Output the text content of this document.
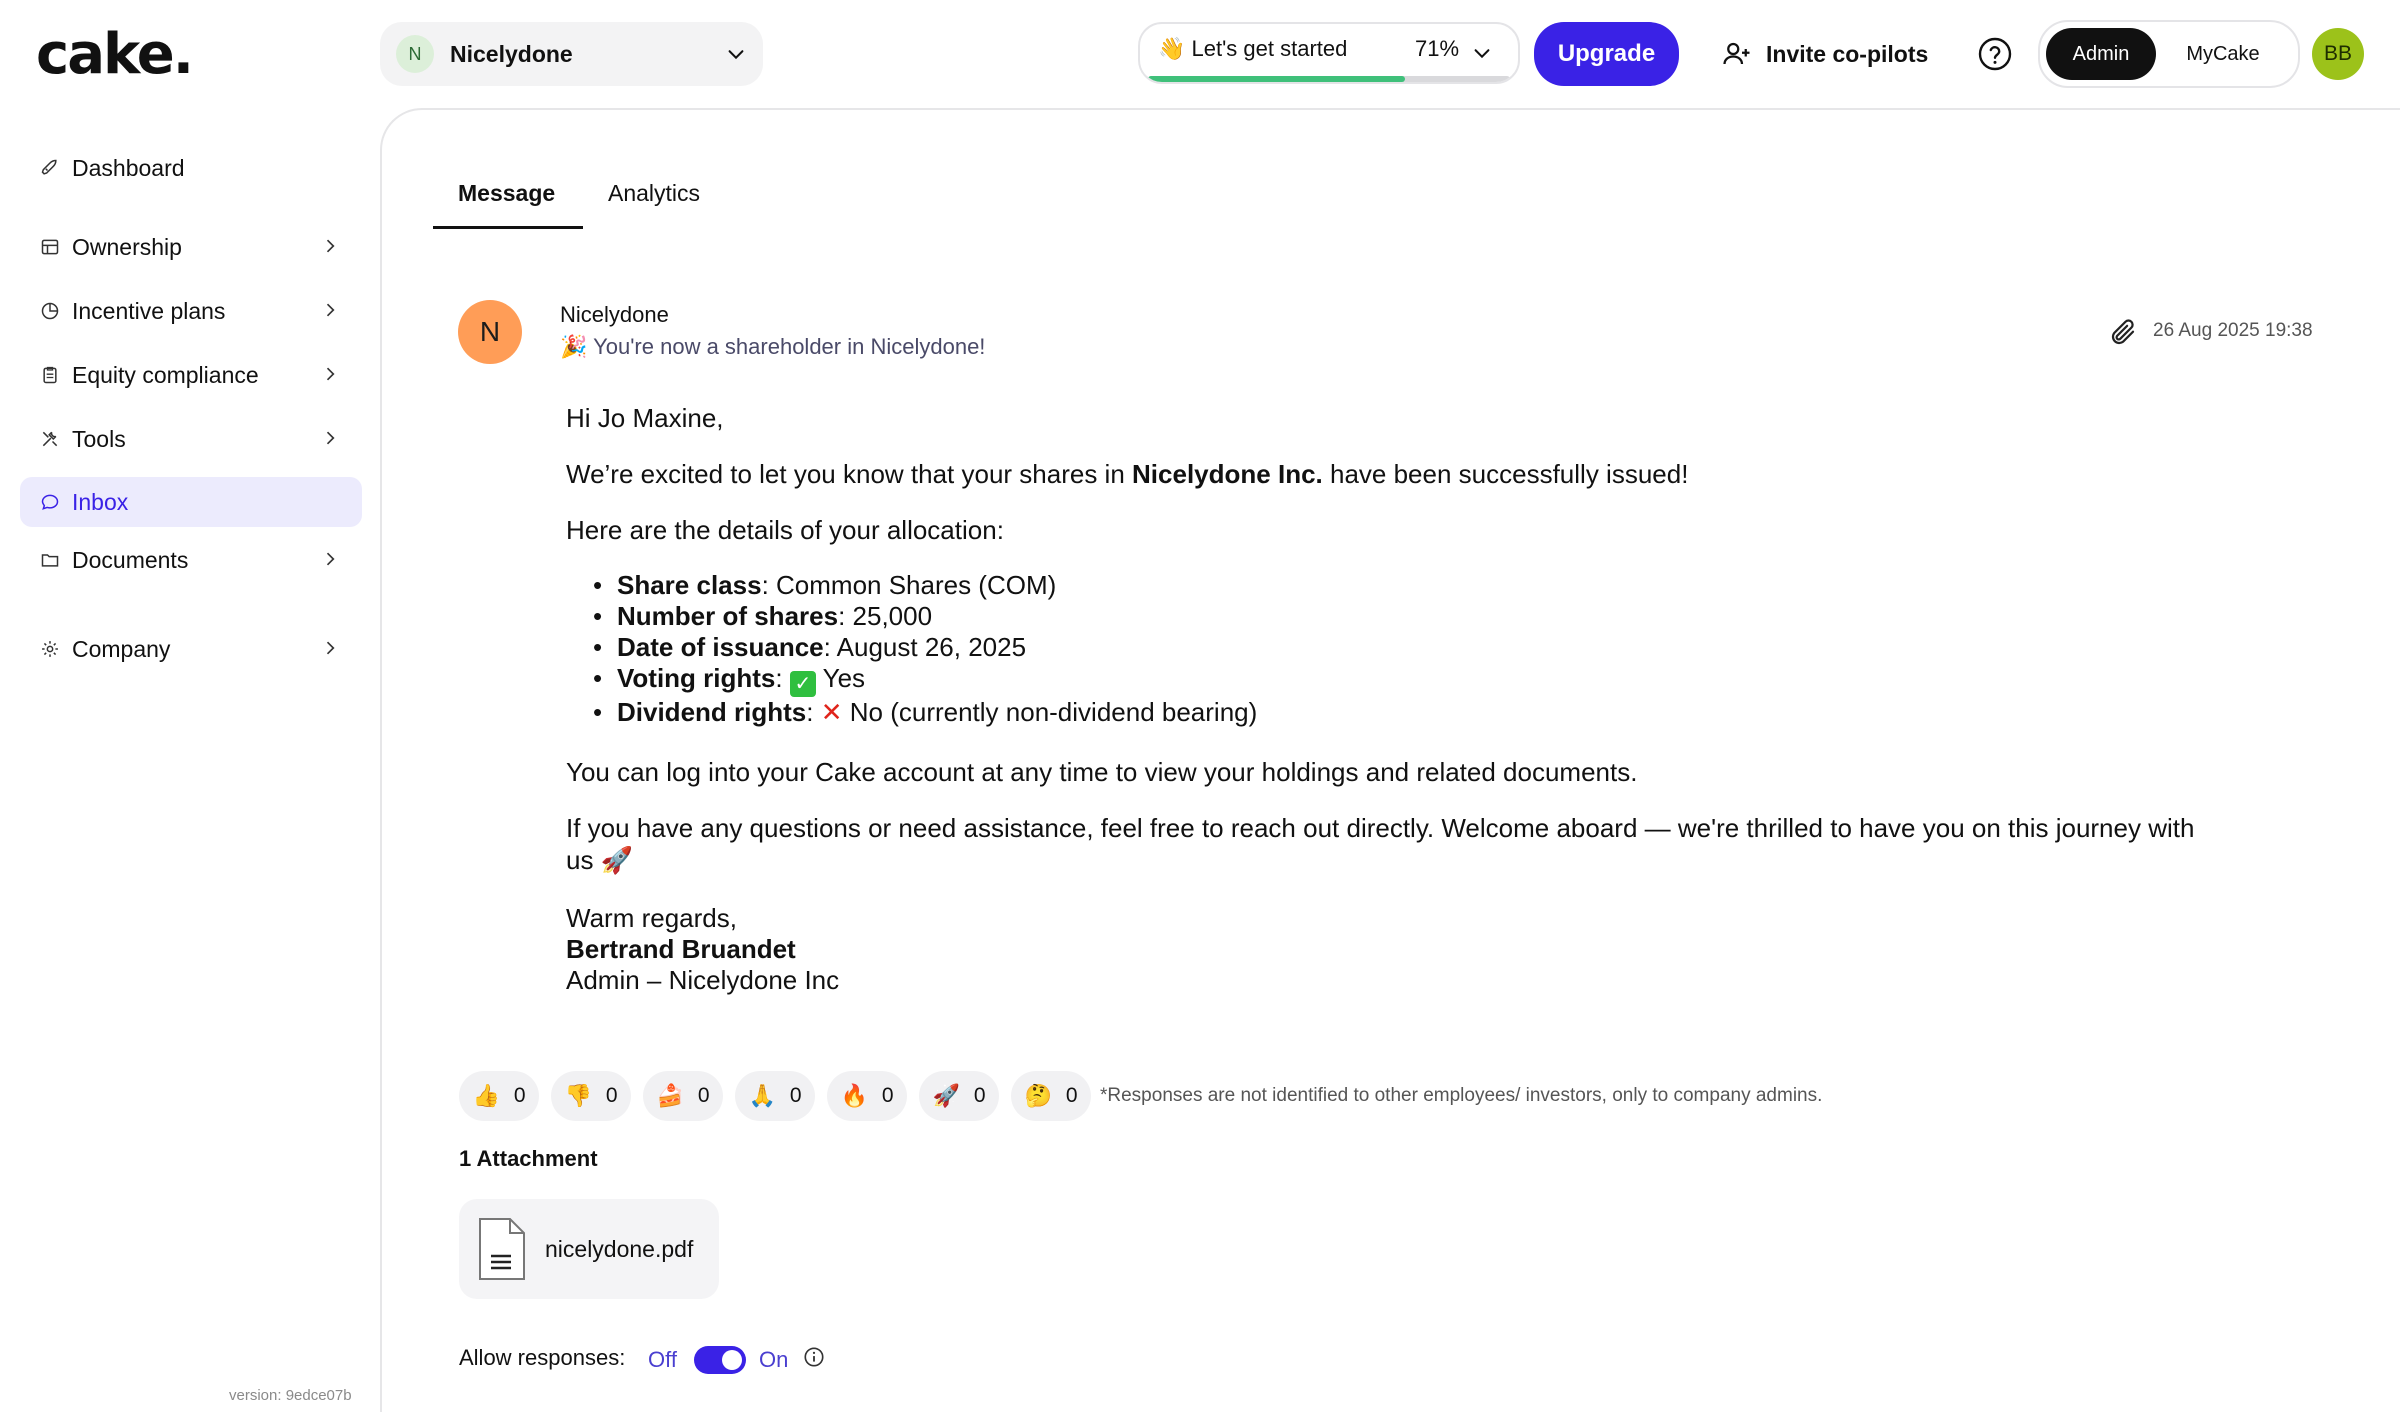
cake.	N	Nicelydone	👋 Let's get started	71%	Upgrade	Invite co-pilots	Admin	MyCake	BB
Dashboard
Ownership
Incentive plans
Equity compliance
Tools
Inbox
Documents
Company
version: 9edce07b
Message Analytics
N
Nicelydone
🎉 You're now a shareholder in Nicelydone!
26 Aug 2025 19:38
Hi Jo Maxine,
We’re excited to let you know that your shares in Nicelydone Inc. have been successfully issued!
Here are the details of your allocation:
• Share class: Common Shares (COM)
• Number of shares: 25,000
• Date of issuance: August 26, 2025
• Voting rights: ✓ Yes
• Dividend rights: ✕ No (currently non-dividend bearing)
You can log into your Cake account at any time to view your holdings and related documents.
If you have any questions or need assistance, feel free to reach out directly. Welcome aboard — we're thrilled to have you on this journey with
us 🚀
Warm regards,
Bertrand Bruandet
Admin – Nicelydone Inc
👍 0 👎 0 🍰 0 🙏 0 🔥 0 🚀 0 🤔 0 *Responses are not identified to other employees/ investors, only to company admins.
1 Attachment
nicelydone.pdf
Allow responses: Off	On
